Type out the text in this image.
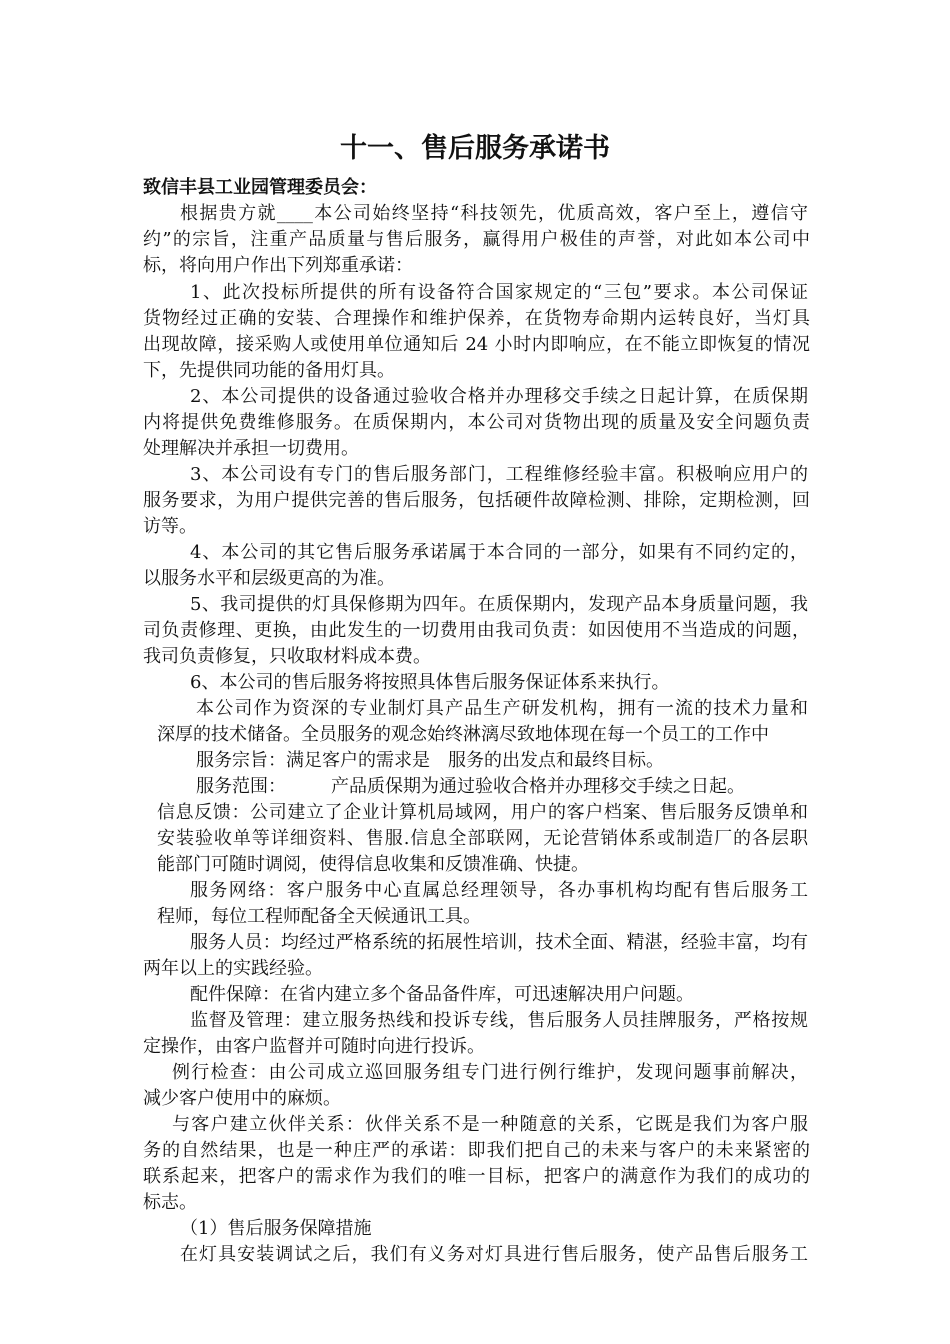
十一、售后服务承诺书
致信丰县工业园管理委员会：
根据贵方就____本公司始终坚持“科技领先，优质高效，客户至上，遵信守
约”的宗旨，注重产品质量与售后服务，赢得用户极佳的声誉，对此如本公司中
标，将向用户作出下列郑重承诺：
1、此次投标所提供的所有设备符合国家规定的“三包”要求。本公司保证
货物经过正确的安装、合理操作和维护保养，在货物寿命期内运转良好，当灯具
出现故障，接采购人或使用单位通知后 24 小时内即响应，在不能立即恢复的情况
下，先提供同功能的备用灯具。
2、本公司提供的设备通过验收合格并办理移交手续之日起计算，在质保期
内将提供免费维修服务。在质保期内，本公司对货物出现的质量及安全问题负责
处理解决并承担一切费用。
3、本公司设有专门的售后服务部门，工程维修经验丰富。积极响应用户的
服务要求，为用户提供完善的售后服务，包括硬件故障检测、排除，定期检测，回
访等。
4、本公司的其它售后服务承诺属于本合同的一部分，如果有不同约定的，
以服务水平和层级更高的为准。
5、我司提供的灯具保修期为四年。在质保期内，发现产品本身质量问题，我
司负责修理、更换，由此发生的一切费用由我司负责：如因使用不当造成的问题，
我司负责修复，只收取材料成本费。
6、本公司的售后服务将按照具体售后服务保证体系来执行。
本公司作为资深的专业制灯具产品生产研发机构，拥有一流的技术力量和
深厚的技术储备。全员服务的观念始终淋漓尽致地体现在每一个员工的工作中
服务宗旨：满足客户的需求是　服务的出发点和最终目标。
服务范围：　　　产品质保期为通过验收合格并办理移交手续之日起。
信息反馈：公司建立了企业计算机局域网，用户的客户档案、售后服务反馈单和
安装验收单等详细资料、售服.信息全部联网，无论营销体系或制造厂的各层职
能部门可随时调阅，使得信息收集和反馈准确、快捷。
服务网络：客户服务中心直属总经理领导，各办事机构均配有售后服务工
程师，每位工程师配备全天候通讯工具。
服务人员：均经过严格系统的拓展性培训，技术全面、精湛，经验丰富，均有
两年以上的实践经验。
配件保障：在省内建立多个备品备件库，可迅速解决用户问题。
监督及管理：建立服务热线和投诉专线，售后服务人员挂牌服务，严格按规
定操作，由客户监督并可随时向进行投诉。
例行检查：由公司成立巡回服务组专门进行例行维护，发现问题事前解决，
减少客户使用中的麻烦。
与客户建立伙伴关系：伙伴关系不是一种随意的关系，它既是我们为客户服
务的自然结果，也是一种庄严的承诺：即我们把自己的未来与客户的未来紧密的
联系起来，把客户的需求作为我们的唯一目标，把客户的满意作为我们的成功的
标志。
（1）售后服务保障措施
在灯具安装调试之后，我们有义务对灯具进行售后服务，使产品售后服务工
